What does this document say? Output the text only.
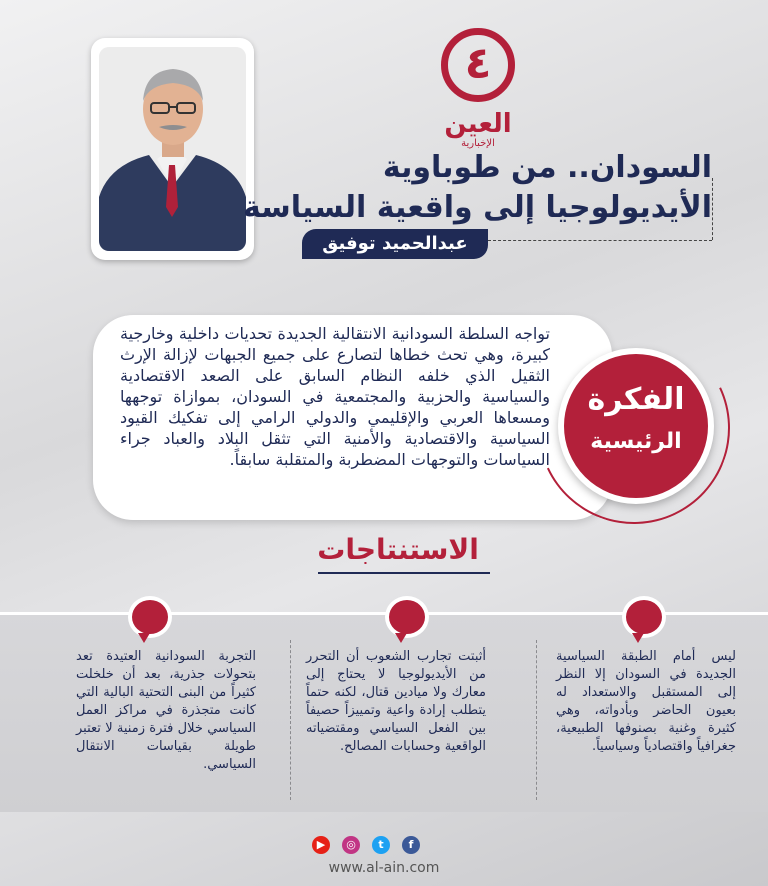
٤
العين
الإخبارية
السودان.. من طوباوية
الأيديولوجيا إلى واقعية السياسة
عبدالحميد توفيق
تواجه السلطة السودانية الانتقالية الجديدة تحديات داخلية وخارجية كبيرة، وهي تحث خطاها لتصارع على جميع الجبهات لإزالة الإرث الثقيل الذي خلفه النظام السابق على الصعد الاقتصادية والسياسية والحزبية والمجتمعية في السودان، بموازاة توجهها ومسعاها العربي والإقليمي والدولي الرامي إلى تفكيك القيود السياسية والاقتصادية والأمنية التي تثقل البلاد والعباد جراء السياسات والتوجهات المضطربة والمتقلبة سابقاً.
الفكرة
الرئيسية
الاستنتاجات
ليس أمام الطبقة السياسية الجديدة في السودان إلا النظر إلى المستقبل والاستعداد له بعيون الحاضر وبأدواته، وهي كثيرة وغنية بصنوفها الطبيعية، جغرافياً واقتصادياً وسياسياً.
أثبتت تجارب الشعوب أن التحرر من الأيديولوجيا لا يحتاج إلى معارك ولا ميادين قتال، لكنه حتماً يتطلب إرادة واعية وتمييزاً حصيفاً بين الفعل السياسي ومقتضياته الواقعية وحسابات المصالح.
التجربة السودانية العتيدة تعد بتحولات جذرية، بعد أن خلخلت كثيراً من البنى التحتية البالية التي كانت متجذرة في مراكز العمل السياسي خلال فترة زمنية لا تعتبر طويلة بقياسات الانتقال السياسي.
▶	◎	t	f
www.al-ain.com
